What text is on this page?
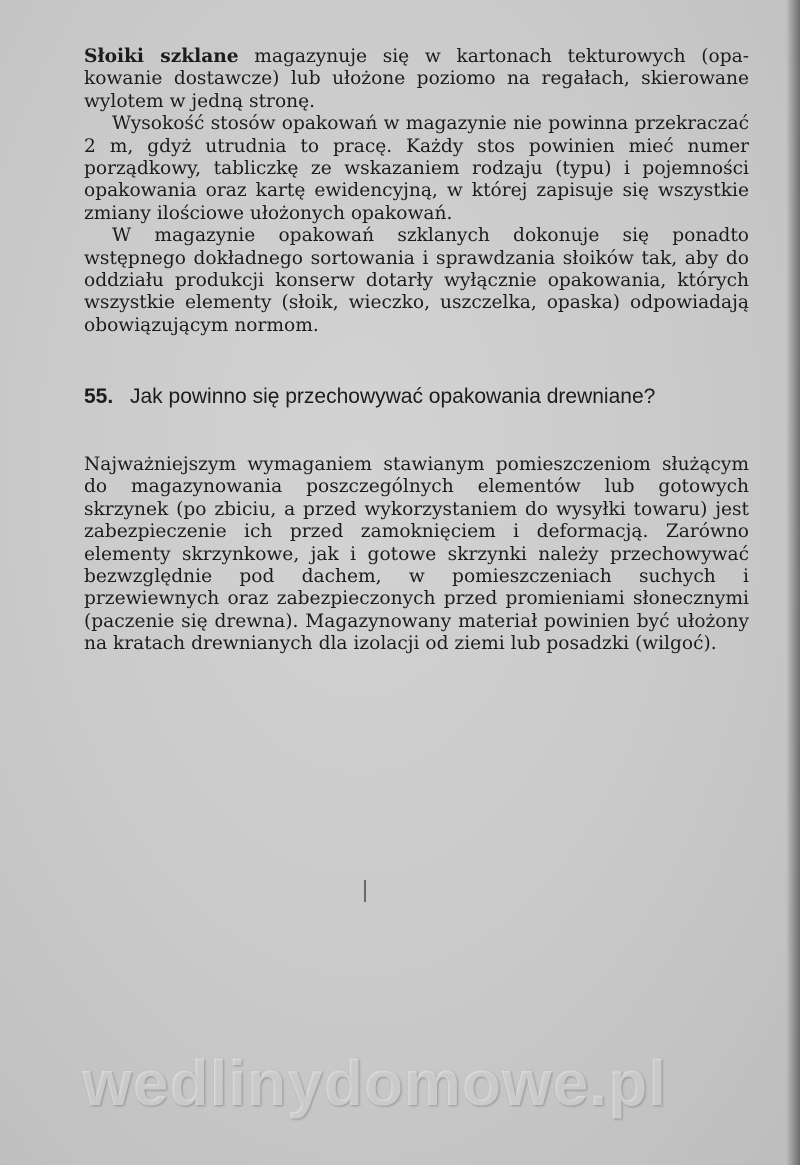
Słoiki szklane magazynuje się w kartonach tekturowych (opakowanie dostawcze) lub ułożone poziomo na regałach, skierowane wylotem w jedną stronę.

Wysokość stosów opakowań w magazynie nie powinna przekraczać 2 m, gdyż utrudnia to pracę. Każdy stos powinien mieć numer porządkowy, tabliczkę ze wskazaniem rodzaju (typu) i pojemności opakowania oraz kartę ewidencyjną, w której zapisuje się wszystkie zmiany ilościowe ułożonych opakowań.

W magazynie opakowań szklanych dokonuje się ponadto wstępnego dokładnego sortowania i sprawdzania słoików tak, aby do oddziału produkcji konserw dotarły wyłącznie opakowania, których wszystkie elementy (słoik, wieczko, uszczelka, opaska) odpowiadają obowiązującym normom.

55. Jak powinno się przechowywać opakowania drewniane?

Najważniejszym wymaganiem stawianym pomieszczeniom służącym do magazynowania poszczególnych elementów lub gotowych skrzynek (po zbiciu, a przed wykorzystaniem do wysyłki towaru) jest zabezpieczenie ich przed zamoknięciem i deformacją. Zarówno elementy skrzynkowe, jak i gotowe skrzynki należy przechowywać bezwzględnie pod dachem, w pomieszczeniach suchych i przewiewnych oraz zabezpieczonych przed promieniami słonecznymi (paczenie się drewna). Magazynowany materiał powinien być ułożony na kratach drewnianych dla izolacji od ziemi lub posadzki (wilgoć).

wedlinydomowe.pl
